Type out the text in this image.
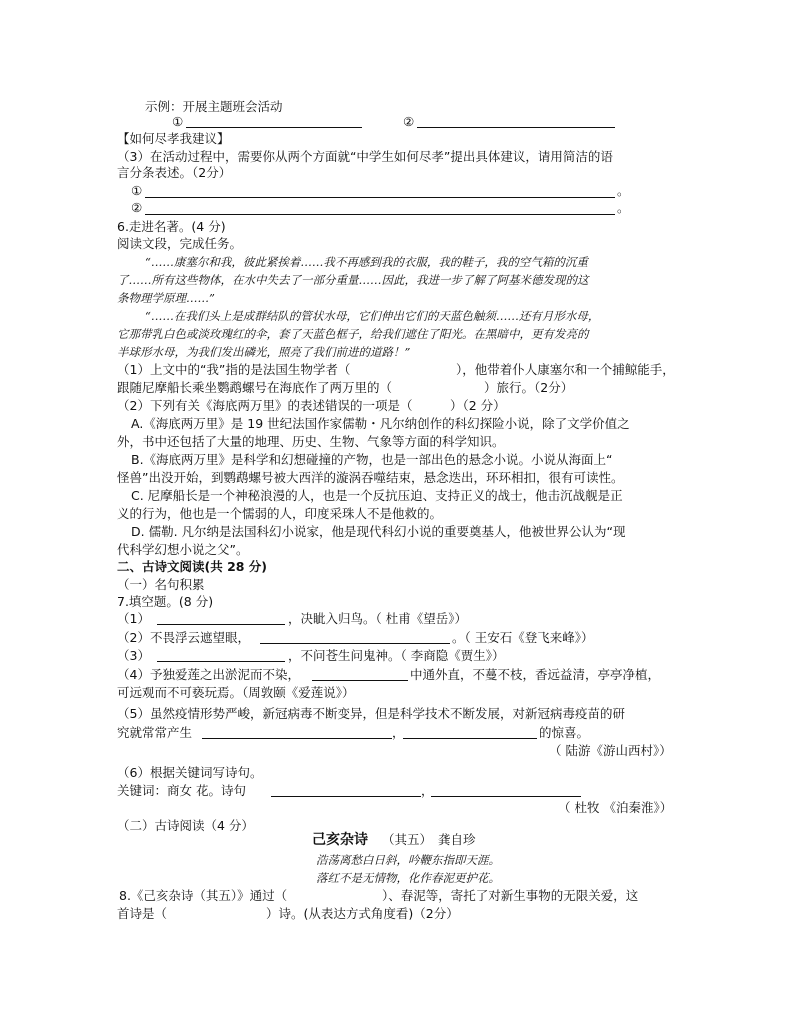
示例：开展主题班会活动
①	②
【如何尽孝我建议】
（3）在活动过程中，需要你从两个方面就“中学生如何尽孝”提出具体建议，请用简洁的语
言分条表述。（2分）
①	。
②	。
6.走进名著。(4 分)
阅读文段，完成任务。
“……康塞尔和我，彼此紧挨着……我不再感到我的衣服，我的鞋子，我的空气箱的沉重
了……所有这些物体，在水中失去了一部分重量……因此，我进一步了解了阿基米德发现的这
条物理学原理……”
“……在我们头上是成群结队的管状水母，它们伸出它们的天蓝色触须……还有月形水母，
它那带乳白色或淡玫瑰红的伞，套了天蓝色框子，给我们遮住了阳光。在黑暗中，更有发亮的
半球形水母，为我们发出磷光，照亮了我们前进的道路！”
（1）上文中的“我”指的是法国生物学者（	），他带着仆人康塞尔和一个捕鲸能手，
跟随尼摩船长乘坐鹦鹉螺号在海底作了两万里的（	）旅行。（2分）
（2）下列有关《海底两万里》的表述错误的一项是（　　　）（2 分）
A.《海底两万里》是 19 世纪法国作家儒勒・凡尔纳创作的科幻探险小说，除了文学价值之
外，书中还包括了大量的地理、历史、生物、气象等方面的科学知识。
B.《海底两万里》是科学和幻想碰撞的产物，也是一部出色的悬念小说。小说从海面上“
怪兽”出没开始，到鹦鹉螺号被大西洋的漩涡吞噬结束，悬念迭出，环环相扣，很有可读性。
C. 尼摩船长是一个神秘浪漫的人，也是一个反抗压迫、支持正义的战士，他击沉战舰是正
义的行为，他也是一个懦弱的人，印度采珠人不是他救的。
D. 儒勒. 凡尔纳是法国科幻小说家，他是现代科幻小说的重要奠基人，他被世界公认为“现
代科学幻想小说之父”。
二、古诗文阅读(共 28 分)
（一）名句积累
7.填空题。(8 分)
（1）	，决眦入归鸟。（ 杜甫《望岳》）
（2）不畏浮云遮望眼，	。（ 王安石《登飞来峰》）
（3）	，不问苍生问鬼神。（ 李商隐《贾生》）
（4）予独爱莲之出淤泥而不染，	中通外直，不蔓不枝，香远益清，亭亭净植，
可远观而不可亵玩焉。（周敦颐《爱莲说》）
（5）虽然疫情形势严峻，新冠病毒不断变异，但是科学技术不断发展，对新冠病毒疫苗的研
究就常常产生	，	的惊喜。
（ 陆游《游山西村》）
（6）根据关键词写诗句。
关键词：商女 花。诗句	，
（ 杜牧 《泊秦淮》）
（二）古诗阅读（4 分）
己亥杂诗 （其五） 龚自珍
浩荡离愁白日斜，吟鞭东指即天涯。
落红不是无情物，化作春泥更护花。
8.《己亥杂诗（其五）》通过（	）、春泥等，寄托了对新生事物的无限关爱，这
首诗是（	）诗。(从表达方式角度看)（2分）
